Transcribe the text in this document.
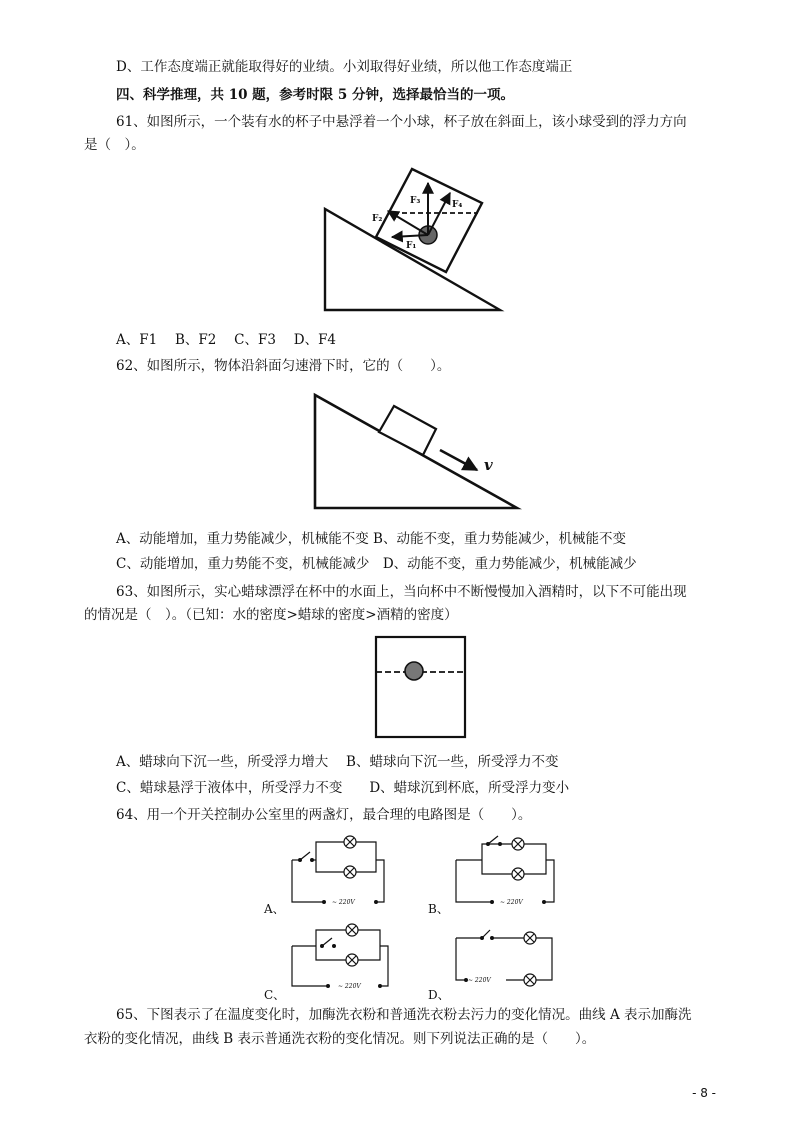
D、工作态度端正就能取得好的业绩。小刘取得好业绩，所以他工作态度端正
四、科学推理，共 10 题，参考时限 5 分钟，选择最恰当的一项。
61、如图所示，一个装有水的杯子中悬浮着一个小球，杯子放在斜面上，该小球受到的浮力方向
是（　）。
F₃	F₄
F₂
F₁
A、F1　 B、F2　 C、F3　 D、F4
62、如图所示，物体沿斜面匀速滑下时，它的（　　）。
v
A、动能增加，重力势能减少，机械能不变 B、动能不变，重力势能减少，机械能不变
C、动能增加，重力势能不变，机械能减少　D、动能不变，重力势能减少，机械能减少
63、如图所示，实心蜡球漂浮在杯中的水面上，当向杯中不断慢慢加入酒精时，以下不可能出现
的情况是（　）。（已知：水的密度>蜡球的密度>酒精的密度）
A、蜡球向下沉一些，所受浮力增大　 B、蜡球向下沉一些，所受浮力不变
C、蜡球悬浮于液体中，所受浮力不变　　D、蜡球沉到杯底，所受浮力变小
64、用一个开关控制办公室里的两盏灯，最合理的电路图是（　　）。
A、	~ 220V	B、	~ 220V
C、
~ 220V
D、
~ 220V
65、下图表示了在温度变化时，加酶洗衣粉和普通洗衣粉去污力的变化情况。曲线 A 表示加酶洗
衣粉的变化情况，曲线 B 表示普通洗衣粉的变化情况。则下列说法正确的是（　　）。
- 8 -
